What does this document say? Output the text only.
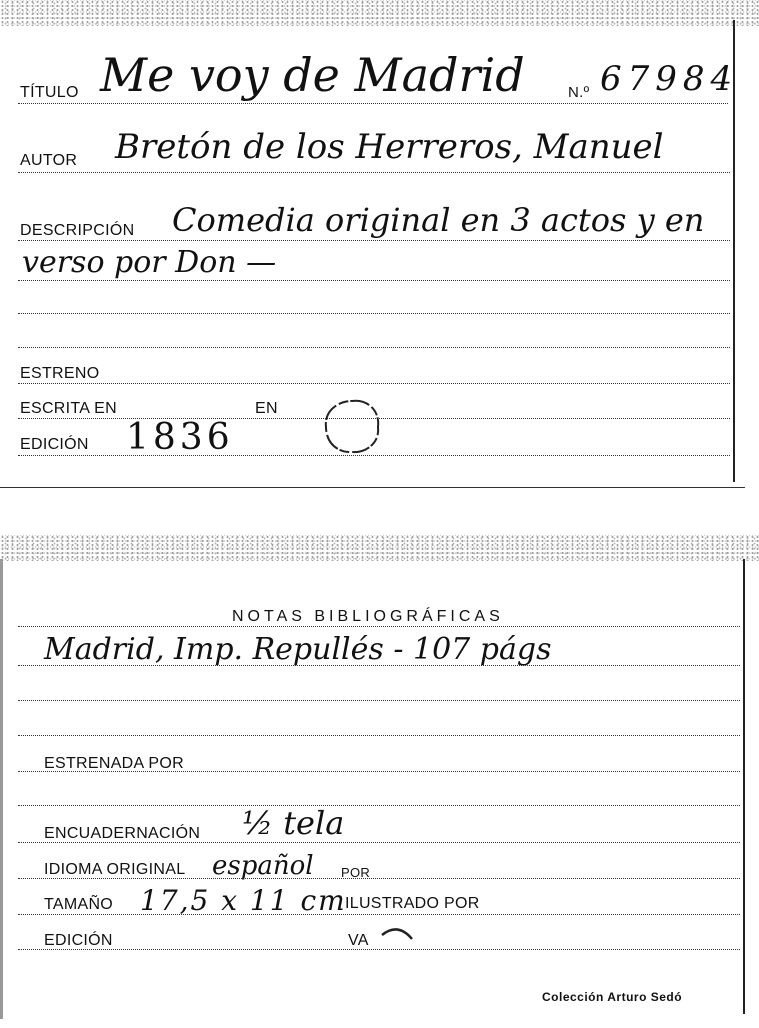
TÍTULO Me voy de Madrid	N.º 67984
AUTOR Bretón de los Herreros, Manuel
DESCRIPCIÓN Comedia original en 3 actos y en
verso por Don —
ESTRENO
ESCRITA EN	EN
EDICIÓN 1836
NOTAS BIBLIOGRÁFICAS
Madrid, Imp. Repullés - 107 págs
ESTRENADA POR
ENCUADERNACIÓN ½ tela
IDIOMA ORIGINAL español POR
TAMAÑO 17,5 x 11 cm
ILUSTRADO POR
EDICIÓN	VA
Colección Arturo Sedó
